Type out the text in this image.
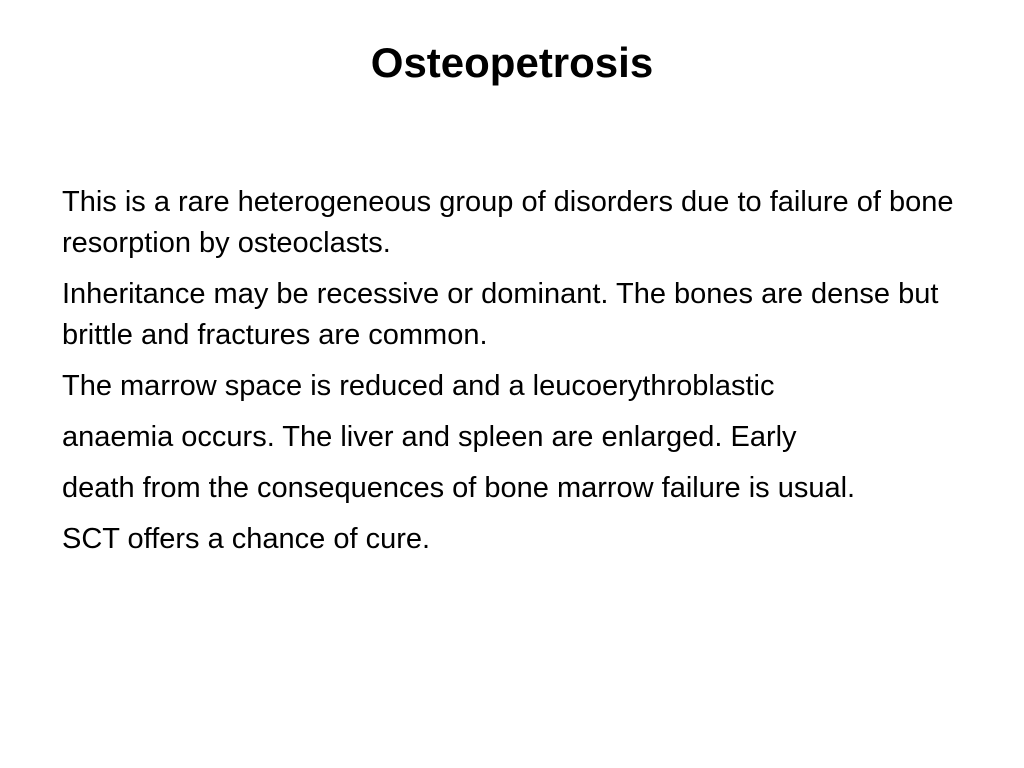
Osteopetrosis

This is a rare heterogeneous group of disorders due to failure of bone resorption by osteoclasts.

Inheritance may be recessive or dominant. The bones are dense but brittle and fractures are common.

The marrow space is reduced and a leucoerythroblastic

anaemia occurs. The liver and spleen are enlarged. Early

death from the consequences of bone marrow failure is usual.

SCT offers a chance of cure.
